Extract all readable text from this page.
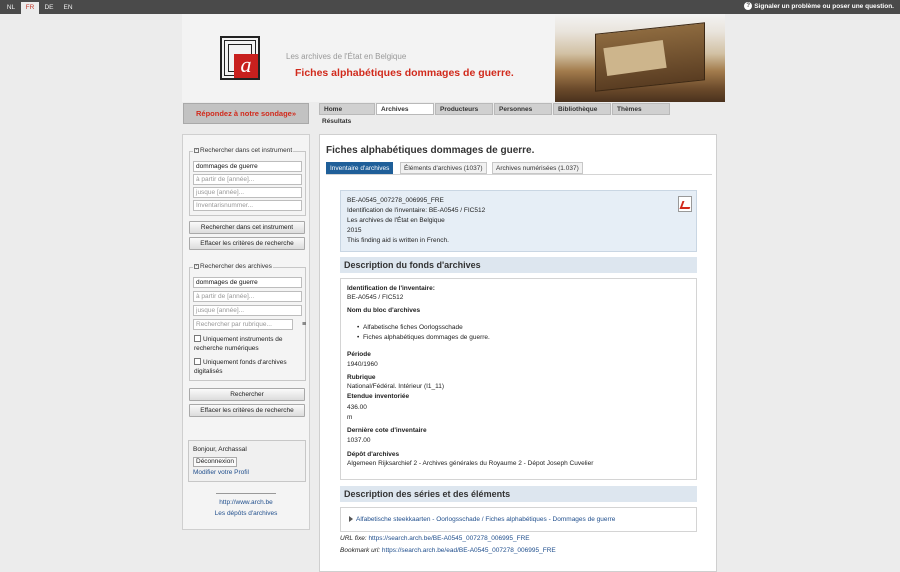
NL	FR	DE	EN	? Signaler un problème ou poser une question.
a	Les archives de l'État en Belgique
Fiches alphabétiques dommages de guerre.
Répondez à notre sondage»	Home	Archives	Producteurs	Personnes	Bibliothèque	Thèmes
Résultats
- Rechercher dans cet instrument
dommages de guerre
à partir de [année]...
jusque [année]...
Inventarisnummer...
Rechercher dans cet instrument
Effacer les critères de recherche
- Rechercher des archives
dommages de guerre
à partir de [année]...
jusque [année]...
Rechercher par rubrique...	≡
Uniquement instruments de recherche numériques
Uniquement fonds d'archives digitalisés
Rechercher
Effacer les critères de recherche
Bonjour, Archassal
Déconnexion
Modifier votre Profil
http://www.arch.be
Les dépôts d'archives
Fiches alphabétiques dommages de guerre.
Inventaire d'archives	Éléments d'archives (1037)	Archives numérisées (1.037)
BE-A0545_007278_006995_FRE
Identification de l'inventaire: BE-A0545 / FIC512
Les archives de l'État en Belgique
2015
This finding aid is written in French.
Description du fonds d'archives
Identification de l'inventaire:
BE-A0545 / FIC512
Nom du bloc d'archives
• Alfabetische fiches Oorlogsschade
• Fiches alphabétiques dommages de guerre.
Période
1940/1960
Rubrique
National/Fédéral. Intérieur (I1_11)
Etendue inventoriée
436.00
m
Dernière cote d'inventaire
1037.00
Dépôt d'archives
Algemeen Rijksarchief 2 - Archives générales du Royaume 2 - Dépot Joseph Cuvelier
Description des séries et des éléments
Alfabetische steekkaarten - Oorlogsschade / Fiches alphabétiques - Dommages de guerre
URL fixe: https://search.arch.be/BE-A0545_007278_006995_FRE
Bookmark url: https://search.arch.be/ead/BE-A0545_007278_006995_FRE
